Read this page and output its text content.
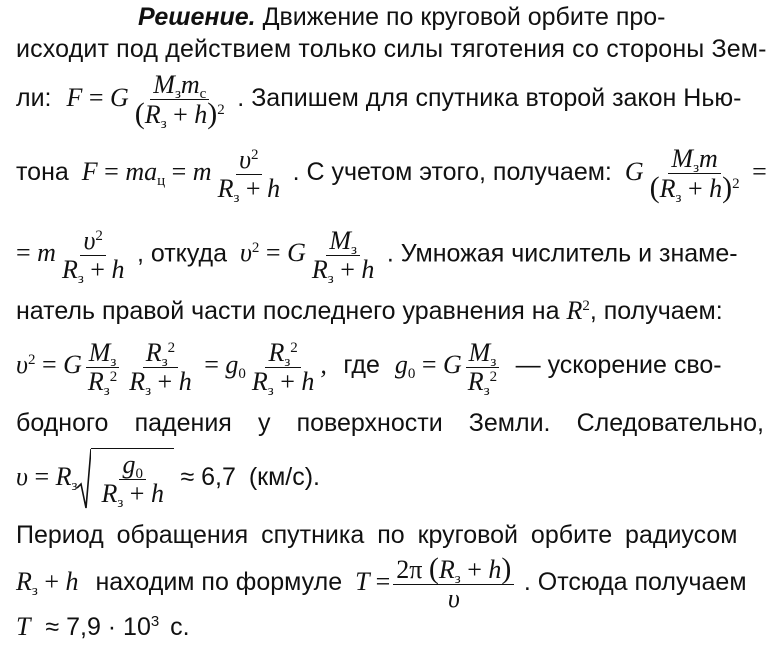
Решение. Движение по круговой орбите про-
исходит под действием только силы тяготения со стороны Зем-
ли: F = G $\frac{M_зm_с}{(R_з + h)^2}$ . Запишем для спутника второй закон Нью-
тона $F = ma_ц = m \frac{\upsilon^2}{R_з + h}$ . С учетом этого, получаем: G $\frac{M_зm}{(R_з + h)^2}$ =
= m $\frac{\upsilon^2}{R_з + h}$ , откуда $\upsilon^2 = G \frac{M_з}{R_з + h}$ . Умножая числитель и знаме-
натель правой части последнего уравнения на $R^2$, получаем:
$\upsilon^2 = G \frac{M_з}{R_з^2} \frac{R_з^2}{R_з + h} = g_0 \frac{R_з^2}{R_з + h}$ , где $g_0 = G \frac{M_з}{R_з^2}$ — ускорение сво-
бодного падения у поверхности Земли. Следовательно,
$\upsilon = R_з \frac{g_0}{R_з + h} \approx 6,7$ (км/с).
Период обращения спутника по круговой орбите радиусом
$R_з + h$ находим по формуле $T = \frac{2\pi (R_з + h)}{\upsilon}$ . Отсюда получаем
$T \approx 7,9 \cdot 10^3$ с.
